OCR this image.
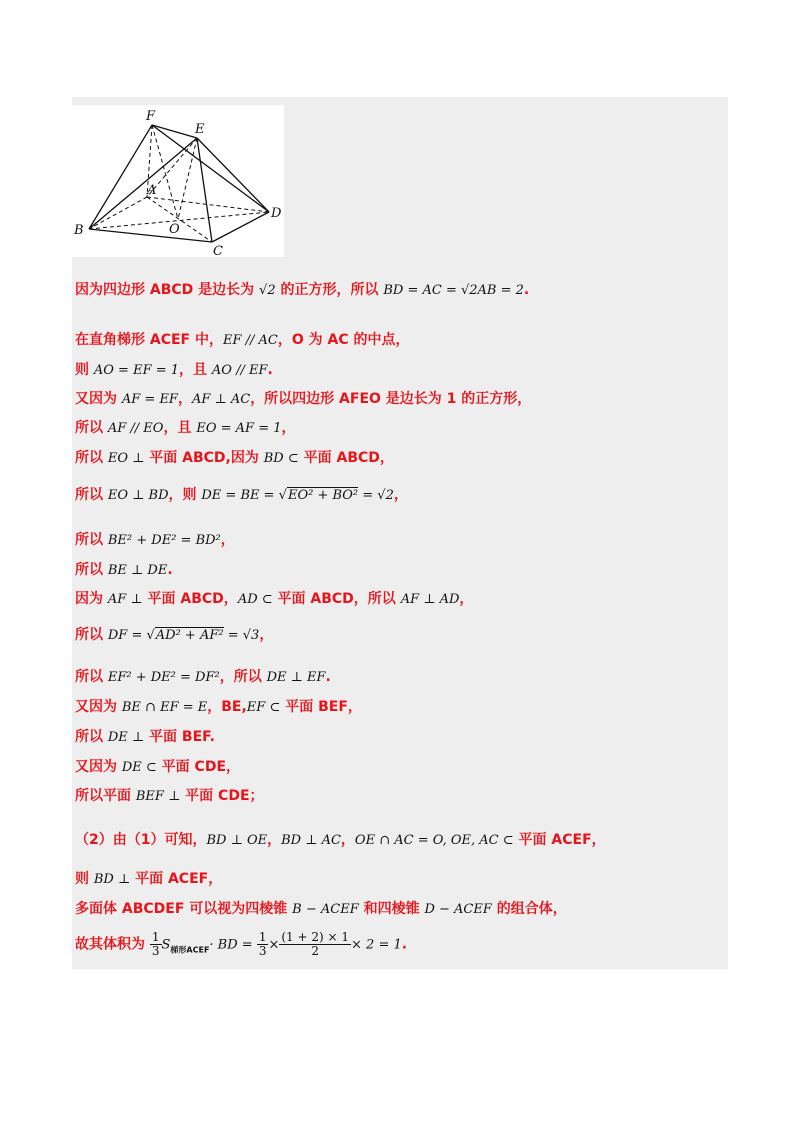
F
E
A
D
B	O
C
因为四边形 ABCD 是边长为 √2 的正方形，所以 BD = AC = √2AB = 2.
在直角梯形 ACEF 中，EF // AC，O 为 AC 的中点，
则 AO = EF = 1，且 AO // EF.
又因为 AF = EF，AF ⊥ AC，所以四边形 AFEO 是边长为 1 的正方形，
所以 AF // EO，且 EO = AF = 1，
所以 EO ⊥ 平面 ABCD,因为 BD ⊂ 平面 ABCD，
所以 EO ⊥ BD，则 DE = BE = √EO² + BO² = √2，
所以 BE² + DE² = BD²，
所以 BE ⊥ DE.
因为 AF ⊥ 平面 ABCD，AD ⊂ 平面 ABCD，所以 AF ⊥ AD，
所以 DF = √AD² + AF² = √3，
所以 EF² + DE² = DF²，所以 DE ⊥ EF.
又因为 BE ∩ EF = E，BE,EF ⊂ 平面 BEF，
所以 DE ⊥ 平面 BEF.
又因为 DE ⊂ 平面 CDE，
所以平面 BEF ⊥ 平面 CDE；
（2）由（1）可知，BD ⊥ OE，BD ⊥ AC，OE ∩ AC = O, OE, AC ⊂ 平面 ACEF，
则 BD ⊥ 平面 ACEF，
多面体 ABCDEF 可以视为四棱锥 B − ACEF 和四棱锥 D − ACEF 的组合体，
故其体积为 $\frac{1}{3} S_{梯形ACEF}\cdot$ BD = $\frac{1}{3} \times \frac{(1 + 2) \times 1}{2} \times 2 = 1$.
